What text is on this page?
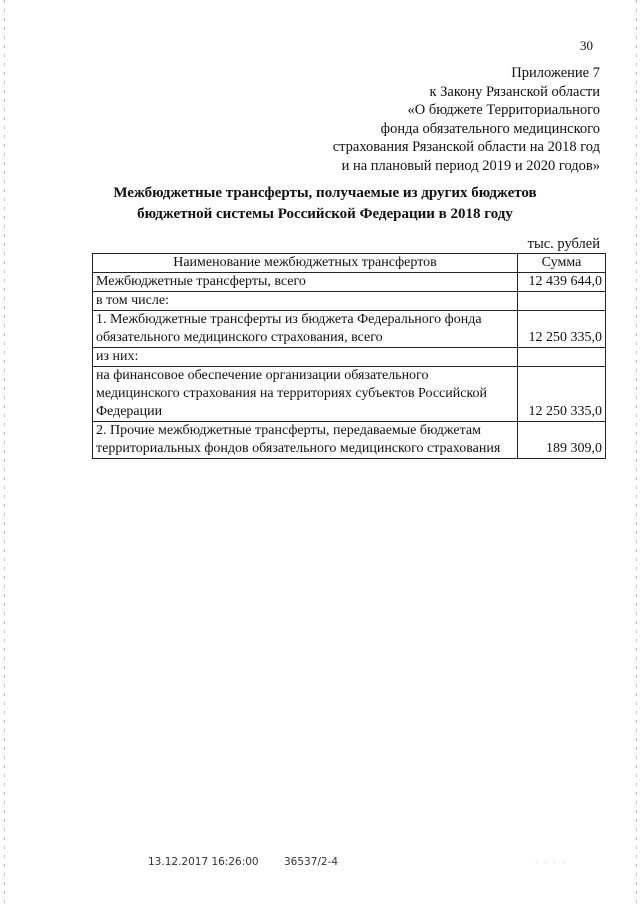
30
Приложение 7
к Закону Рязанской области
«О бюджете Территориального
фонда обязательного медицинского
страхования Рязанской области на 2018 год
и на плановый период 2019 и 2020 годов»
Межбюджетные трансферты, получаемые из других бюджетов
бюджетной системы Российской Федерации в 2018 году
тыс. рублей
Наименование межбюджетных трансфертов	Сумма
Межбюджетные трансферты, всего	12 439 644,0
в том числе:	
1. Межбюджетные трансферты из бюджета Федерального фонда обязательного медицинского страхования, всего	12 250 335,0
из них:	
на финансовое обеспечение организации обязательного медицинского страхования на территориях субъектов Российской Федерации	12 250 335,0
2. Прочие межбюджетные трансферты, передаваемые бюджетам территориальных фондов обязательного медицинского страхования	189 309,0
13.12.2017 16:26:00 36537/2-4	· · · ·
